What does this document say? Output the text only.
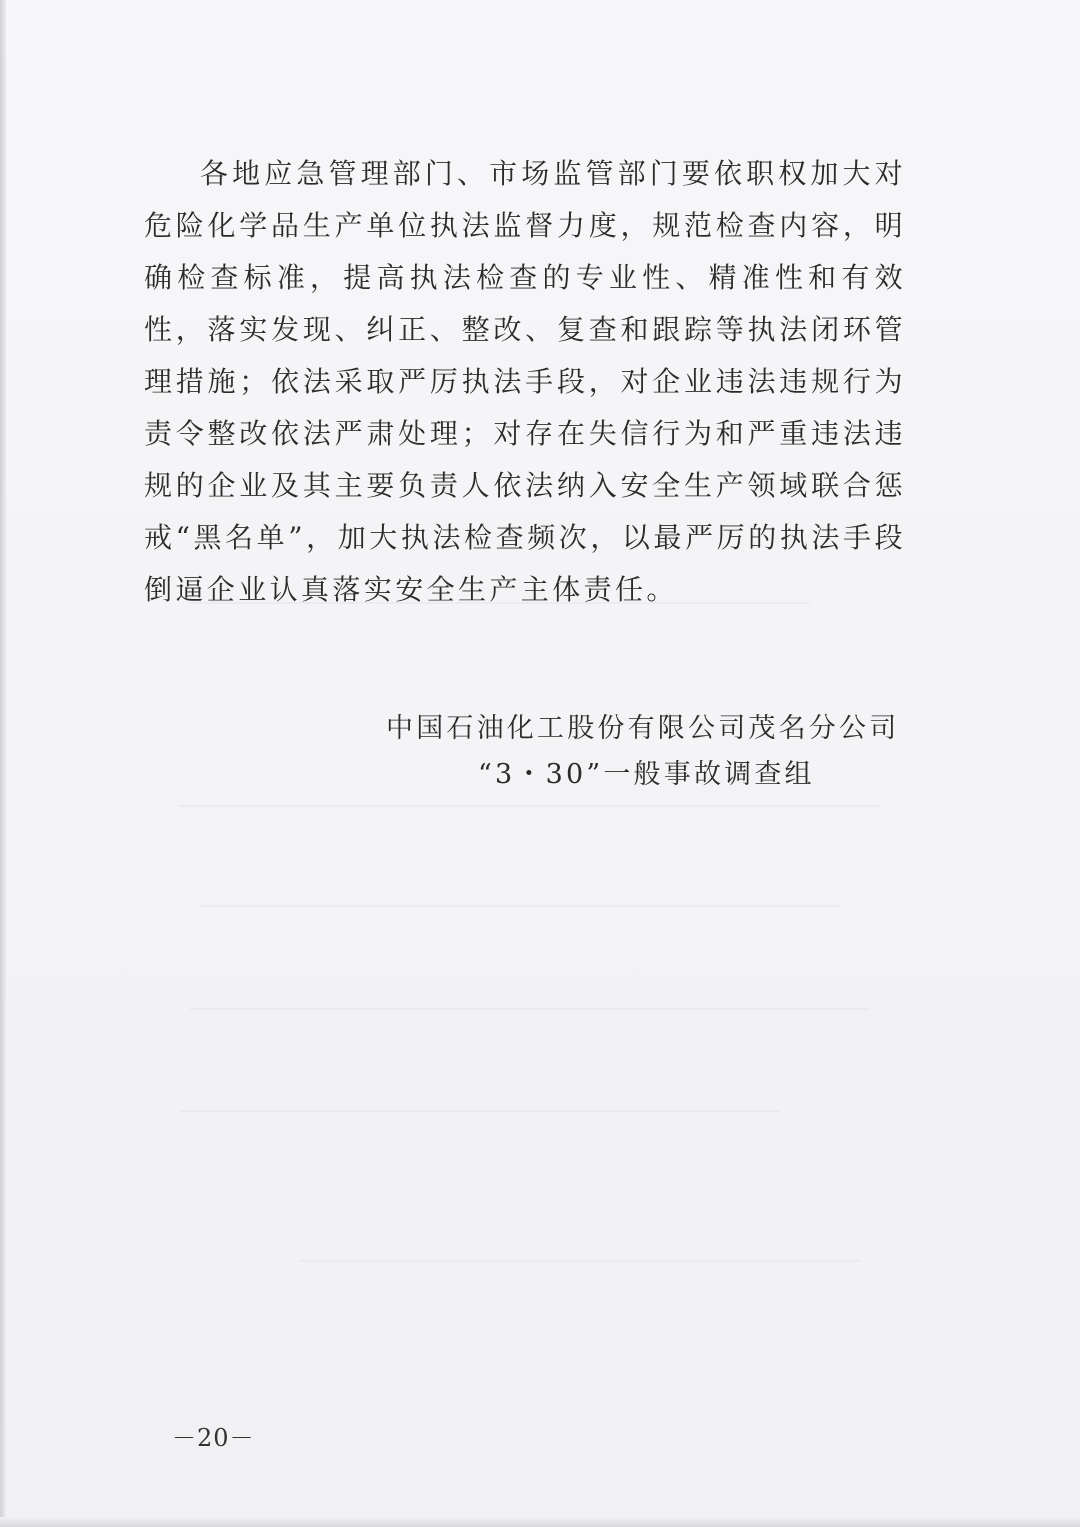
各地应急管理部门、市场监管部门要依职权加大对危险化学品生产单位执法监督力度，规范检查内容，明确检查标准，提高执法检查的专业性、精准性和有效性，落实发现、纠正、整改、复查和跟踪等执法闭环管理措施；依法采取严厉执法手段，对企业违法违规行为责令整改依法严肃处理；对存在失信行为和严重违法违规的企业及其主要负责人依法纳入安全生产领域联合惩戒“黑名单”，加大执法检查频次，以最严厉的执法手段倒逼企业认真落实安全生产主体责任。

中国石油化工股份有限公司茂名分公司
“3・30”一般事故调查组
－20－
